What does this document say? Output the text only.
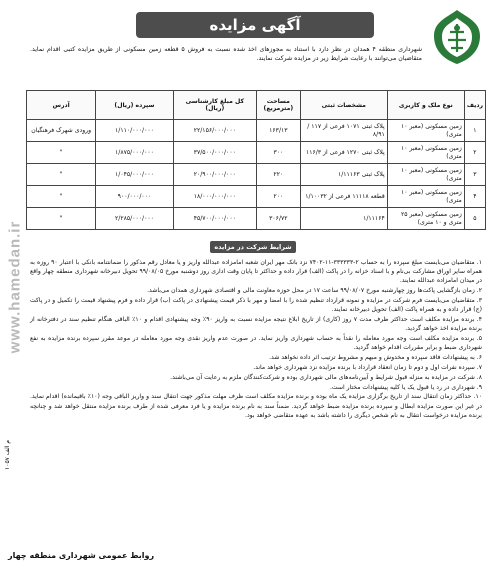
www.hamedan.ir
آگهی مزایده
شهرداری منطقه ۴ همدان در نظر دارد با استناد به مجوزهای اخذ شده نسبت به فروش ۵ قطعه زمین مسکونی از طریق مزایده کتبی اقدام نماید. متقاضیان می‌توانند با رعایت شرایط زیر در مزایده شرکت نمایند.
ردیف	نوع ملک و کاربری	مشخصات ثبتی	مساحت (مترمربع)	کل مبلغ کارشناسی (ریال)	سپرده (ریال)	آدرس
۱	زمین مسکونی (معبر ۱۰ متری)	پلاک ثبتی ۱۰۷۱ فرعی از ۱۱۷ / ۸/۹۱	۱۶۳/۱۳	۲۲/۱۵۶/۰۰۰/۰۰۰	۱/۱۱۰/۰۰۰/۰۰۰	ورودی شهرک فرهنگیان
۲	زمین مسکونی (معبر ۱۰ متری)	پلاک ثبتی ۱۲۷۰ فرعی از ۱۱۶/۳	۳۰۰	۳۷/۵۰۰/۰۰۰/۰۰۰	۱/۸۷۵/۰۰۰/۰۰۰	"
۳	زمین مسکونی (معبر ۱۰ متری)	پلاک ثبتی ۱/۱۱۱۶۳	۲۲۰	۲۰/۹۰۰/۰۰۰/۰۰۰	۱/۰۴۵/۰۰۰/۰۰۰	"
۴	زمین مسکونی (معبر ۱۰ متری)	قطعه ۱۱۱۱۸ فرعی از ۱/۱۰۰۳۲	۲۰۰	۱۸/۰۰۰/۰۰۰/۰۰۰	۹۰۰/۰۰۰/۰۰۰	"
۵	زمین مسکونی (معبر ۲۵ متری و ۱۰ متری)	۱/۱۱۱۶۴	۳۰۶/۷۲	۴۵/۷۰۰/۰۰۰/۰۰۰	۲/۲۸۵/۰۰۰/۰۰۰	"
شرایط شرکت در مزایده

۱. متقاضیان می‌بایست مبلغ سپرده را به حساب ۲-۳۳۳۳۳۳-۱۱-۷۴۰۲ نزد بانک مهر ایران شعبه امامزاده عبدالله واریز و یا معادل رقم مذکور را ضمانتنامه بانکی با اعتبار ۹۰ روزه به همراه سایر اوراق مشارکت بی‌نام و با اسناد خزانه را در پاکت (الف) قرار داده و حداکثر تا پایان وقت اداری روز دوشنبه مورخ ۹۹/۰۸/۰۵ تحویل دبیرخانه شهرداری منطقه چهار واقع در میدان امامزاده عبدالله نمایند.

۲. زمان بازگشایی پاکت‌ها روز چهارشنبه مورخ ۹۹/۰۸/۰۷ ساعت ۱۷ در محل حوزه معاونت مالی و اقتصادی شهرداری همدان می‌باشد.

۳. متقاضیان می‌بایست فرم شرکت در مزایده و نمونه قرارداد تنظیم شده را با امضا و مهر با ذکر قیمت پیشنهادی در پاکت (ب) قرار داده و فرم پیشنهاد قیمت را تکمیل و در پاکت (ج) قرار داده و به همراه پاکت (الف) تحویل دبیرخانه نمایند.

۴. برنده مزایده مکلف است حداکثر ظرف مدت ۷ روز (کاری) از تاریخ ابلاغ نتیجه مزایده نسبت به واریز ۹۰٪ وجه پیشنهادی اقدام و ۱۰٪ الباقی هنگام تنظیم سند در دفترخانه از برنده مزایده اخذ خواهد گردید.

۵. برنده مزایده مکلف است وجه مورد معامله را نقداً به حساب شهرداری واریز نماید. در صورت عدم واریز نقدی وجه مورد معامله در موعد مقرر سپرده برنده مزایده به نفع شهرداری ضبط و برابر مقررات اقدام خواهد گردید.

۶. به پیشنهادات فاقد سپرده و مخدوش و مبهم و مشروط ترتیب اثر داده نخواهد شد.

۷. سپرده نفرات اول و دوم تا زمان انعقاد قرارداد با برنده مزایده نزد شهرداری خواهد ماند.

۸. شرکت در مزایده به منزله قبول شرایط و آیین‌نامه‌های مالی شهرداری بوده و شرکت‌کنندگان ملزم به رعایت آن می‌باشند.

۹. شهرداری در رد یا قبول یک یا کلیه پیشنهادات مختار است.

۱۰. حداکثر زمان انتقال سند از تاریخ برگزاری مزایده یک ماه بوده و برنده مزایده مکلف است ظرف مهلت مذکور جهت انتقال سند و واریز الباقی وجه (۱۰٪ باقیمانده) اقدام نماید. در غیر این صورت مزایده ابطال و سپرده برنده مزایده ضبط خواهد گردید. ضمناً سند به نام برنده مزایده و یا فرد معرفی شده از طرف برنده مزایده منتقل خواهد شد و چنانچه برنده مزایده درخواست انتقال به نام شخص دیگری را داشته باشد به عهده متقاضی خواهد بود.

م الف ۱۰۵۷
روابط عمومی شهرداری منطقه چهار
